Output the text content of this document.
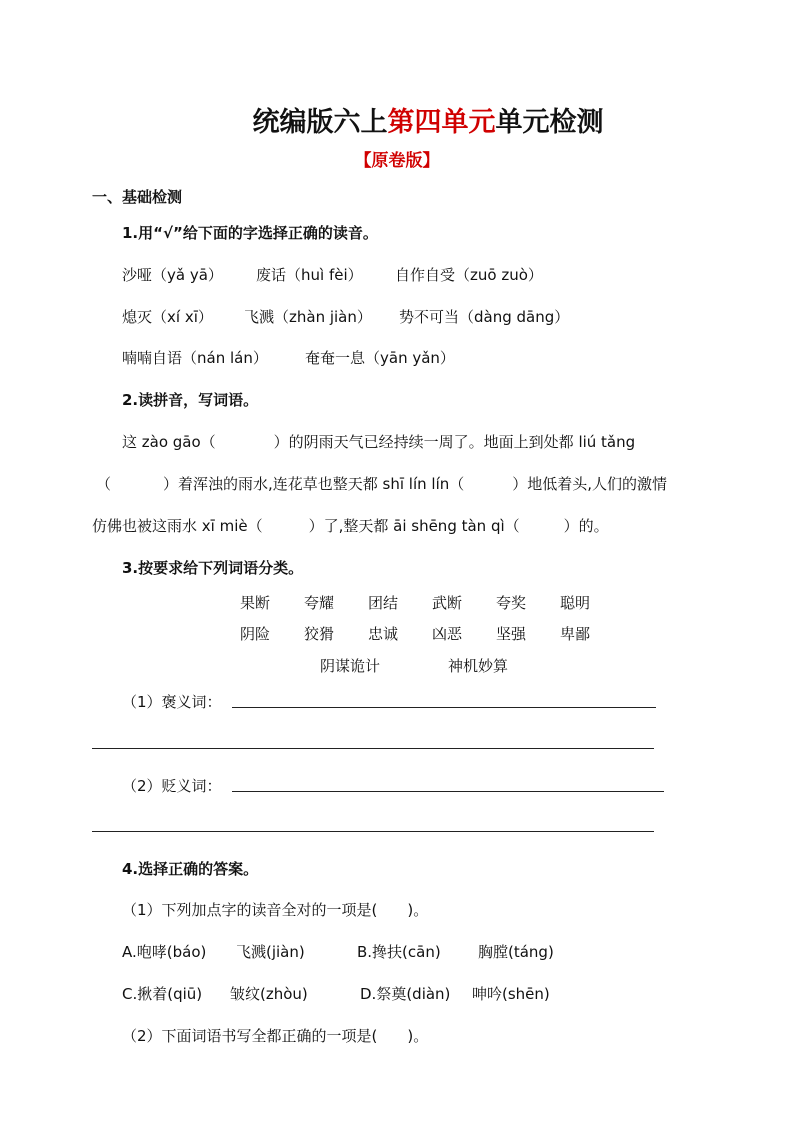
统编版六上第四单元单元检测
【原卷版】
一、基础检测
1.用“√”给下面的字选择正确的读音。
沙哑（yǎ yā） 废话（huì fèi） 自作自受（zuō zuò）
熄灭（xí xī） 飞溅（zhàn jiàn） 势不可当（dàng dāng）
喃喃自语（nán lán） 奄奄一息（yān yǎn）
2.读拼音，写词语。
这 zào gāo（	）的阴雨天气已经持续一周了。地面上到处都 liú tǎng
（	）着浑浊的雨水,连花草也整天都 shī lín lín（	）地低着头,人们的激情
仿佛也被这雨水 xī miè（	）了,整天都 āi shēng tàn qì（	）的。
3.按要求给下列词语分类。
果断 夸耀 团结 武断 夸奖 聪明
阴险 狡猾 忠诚 凶恶 坚强 卑鄙
阴谋诡计	神机妙算
（1）褒义词：
（2）贬义词：
4.选择正确的答案。
（1）下列加点字的读音全对的一项是(　　)。
A.咆哮(báo) 飞溅(jiàn)	B.搀扶(cān) 胸膛(táng)
C.揪着(qiū) 皱纹(zhòu)	D.祭奠(diàn) 呻吟(shēn)
（2）下面词语书写全都正确的一项是(　　)。
